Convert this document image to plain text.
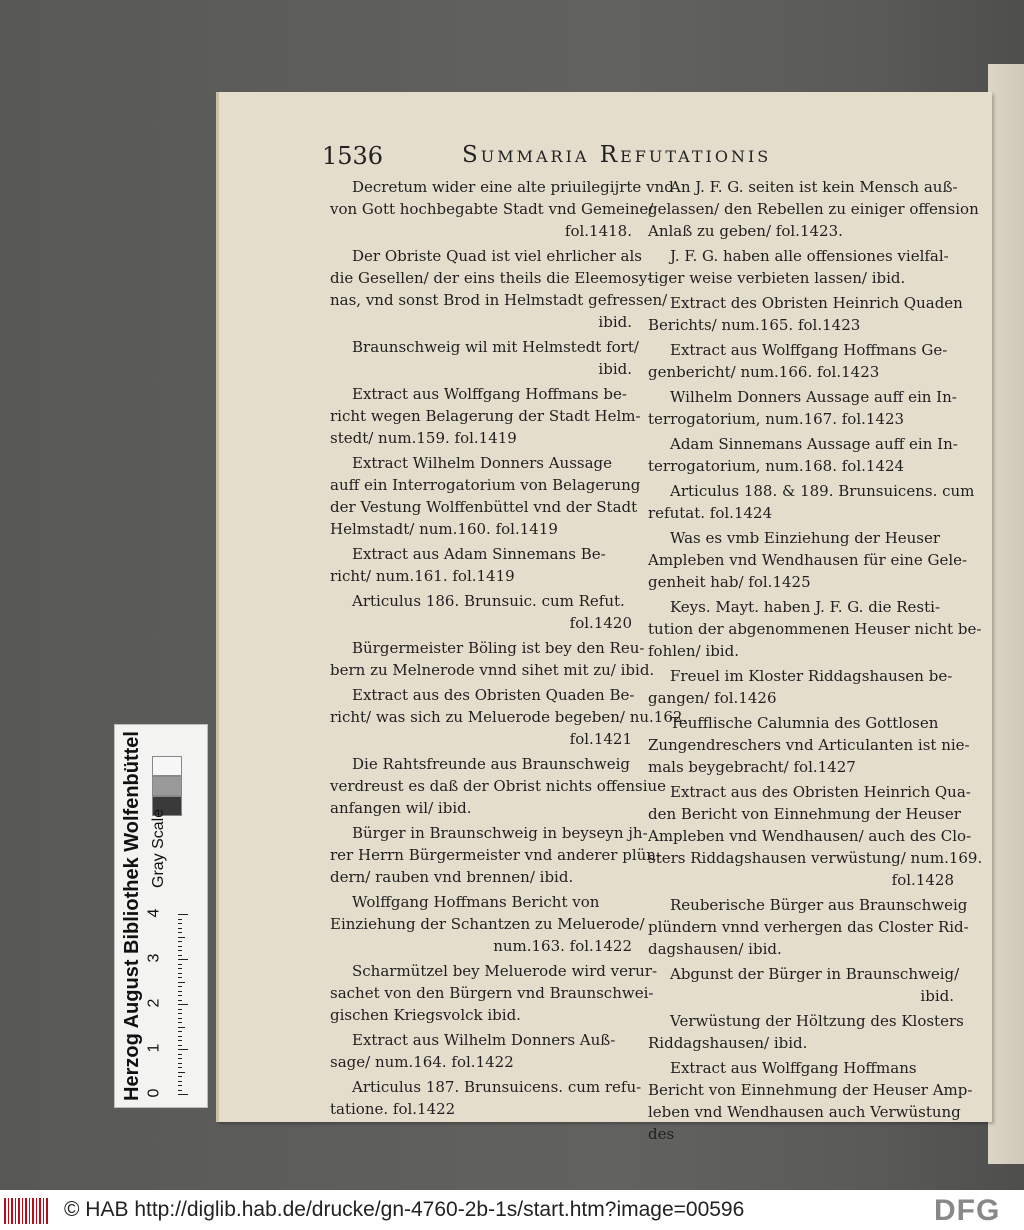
1536	Summaria Refutationis
Decretum wider eine alte priuilegijrte vnd
von Gott hochbegabte Stadt vnd Gemeine/
fol.1418.
Der Obriste Quad ist viel ehrlicher als
die Gesellen/ der eins theils die Eleemosy-
nas, vnd sonst Brod in Helmstadt gefressen/
ibid.
Braunschweig wil mit Helmstedt fort/
ibid.
Extract aus Wolffgang Hoffmans be-
richt wegen Belagerung der Stadt Helm-
stedt/ num.159. fol.1419
Extract Wilhelm Donners Aussage
auff ein Interrogatorium von Belagerung
der Vestung Wolffenbüttel vnd der Stadt
Helmstadt/ num.160. fol.1419
Extract aus Adam Sinnemans Be-
richt/ num.161. fol.1419
Articulus 186. Brunsuic. cum Refut.
fol.1420
Bürgermeister Böling ist bey den Reu-
bern zu Melnerode vnnd sihet mit zu/ ibid.
Extract aus des Obristen Quaden Be-
richt/ was sich zu Meluerode begeben/ nu.162.
fol.1421
Die Rahtsfreunde aus Braunschweig
verdreust es daß der Obrist nichts offensiue
anfangen wil/ ibid.
Bürger in Braunschweig in beyseyn jh-
rer Herrn Bürgermeister vnd anderer plün-
dern/ rauben vnd brennen/ ibid.
Wolffgang Hoffmans Bericht von
Einziehung der Schantzen zu Meluerode/
num.163. fol.1422
Scharmützel bey Meluerode wird verur-
sachet von den Bürgern vnd Braunschwei-
gischen Kriegsvolck ibid.
Extract aus Wilhelm Donners Auß-
sage/ num.164. fol.1422
Articulus 187. Brunsuicens. cum refu-
tatione. fol.1422
An J. F. G. seiten ist kein Mensch auß-
gelassen/ den Rebellen zu einiger offension
Anlaß zu geben/ fol.1423.
J. F. G. haben alle offensiones vielfal-
tiger weise verbieten lassen/ ibid.
Extract des Obristen Heinrich Quaden
Berichts/ num.165. fol.1423
Extract aus Wolffgang Hoffmans Ge-
genbericht/ num.166. fol.1423
Wilhelm Donners Aussage auff ein In-
terrogatorium, num.167. fol.1423
Adam Sinnemans Aussage auff ein In-
terrogatorium, num.168. fol.1424
Articulus 188. & 189. Brunsuicens. cum
refutat. fol.1424
Was es vmb Einziehung der Heuser
Ampleben vnd Wendhausen für eine Gele-
genheit hab/ fol.1425
Keys. Mayt. haben J. F. G. die Resti-
tution der abgenommenen Heuser nicht be-
fohlen/ ibid.
Freuel im Kloster Riddagshausen be-
gangen/ fol.1426
Teufflische Calumnia des Gottlosen
Zungendreschers vnd Articulanten ist nie-
mals beygebracht/ fol.1427
Extract aus des Obristen Heinrich Qua-
den Bericht von Einnehmung der Heuser
Ampleben vnd Wendhausen/ auch des Clo-
sters Riddagshausen verwüstung/ num.169.
fol.1428
Reuberische Bürger aus Braunschweig
plündern vnnd verhergen das Closter Rid-
dagshausen/ ibid.
Abgunst der Bürger in Braunschweig/
ibid.
Verwüstung der Höltzung des Klosters
Riddagshausen/ ibid.
Extract aus Wolffgang Hoffmans
Bericht von Einnehmung der Heuser Amp-
leben vnd Wendhausen auch Verwüstung
des
Herzog August Bibliothek Wolfenbüttel Gray Scale
0
1
2
3
4
© HAB http://diglib.hab.de/drucke/gn-4760-2b-1s/start.htm?image=00596	DFG
